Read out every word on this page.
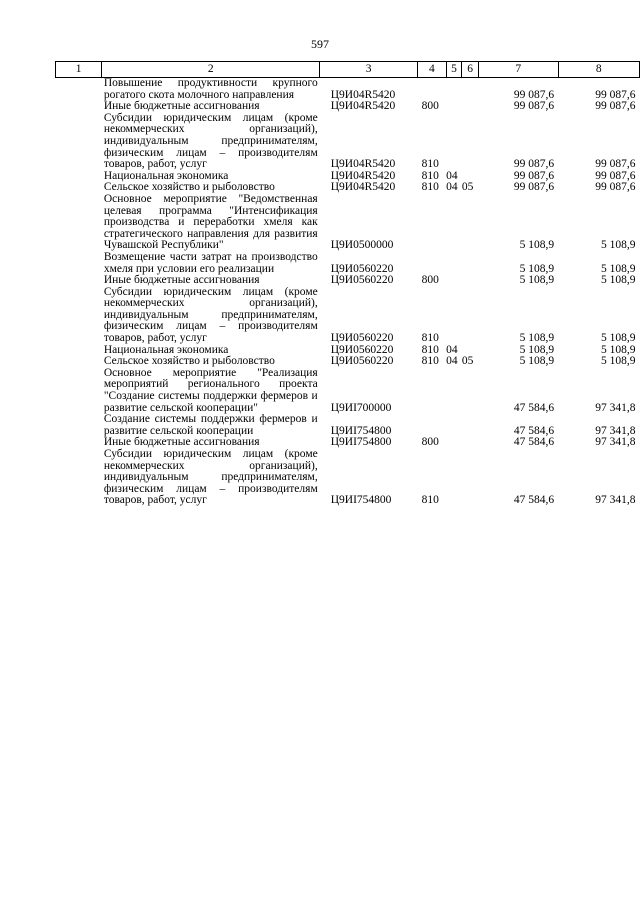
597
1	2	3	4	5	6	7	8
	Повышение продуктивности крупного рогатого скота молочного направления	Ц9И04R5420				99 087,6	99 087,6
	Иные бюджетные ассигнования	Ц9И04R5420	800			99 087,6	99 087,6
	Субсидии юридическим лицам (кроме некоммерческих организаций), индивидуальным предпринимателям, физическим лицам – производителям товаров, работ, услуг	Ц9И04R5420	810			99 087,6	99 087,6
	Национальная экономика	Ц9И04R5420	810	04		99 087,6	99 087,6
	Сельское хозяйство и рыболовство	Ц9И04R5420	810	04	05	99 087,6	99 087,6
	Основное мероприятие "Ведомственная целевая программа "Интенсификация производства и переработки хмеля как стратегического направления для развития Чувашской Республики"	Ц9И0500000				5 108,9	5 108,9
	Возмещение части затрат на производство хмеля при условии его реализации	Ц9И0560220				5 108,9	5 108,9
	Иные бюджетные ассигнования	Ц9И0560220	800			5 108,9	5 108,9
	Субсидии юридическим лицам (кроме некоммерческих организаций), индивидуальным предпринимателям, физическим лицам – производителям товаров, работ, услуг	Ц9И0560220	810			5 108,9	5 108,9
	Национальная экономика	Ц9И0560220	810	04		5 108,9	5 108,9
	Сельское хозяйство и рыболовство	Ц9И0560220	810	04	05	5 108,9	5 108,9
	Основное мероприятие "Реализация мероприятий регионального проекта "Создание системы поддержки фермеров и развитие сельской кооперации"	Ц9ИI700000				47 584,6	97 341,8
	Создание системы поддержки фермеров и развитие сельской кооперации	Ц9ИI754800				47 584,6	97 341,8
	Иные бюджетные ассигнования	Ц9ИI754800	800			47 584,6	97 341,8
	Субсидии юридическим лицам (кроме некоммерческих организаций), индивидуальным предпринимателям, физическим лицам – производителям товаров, работ, услуг	Ц9ИI754800	810			47 584,6	97 341,8
